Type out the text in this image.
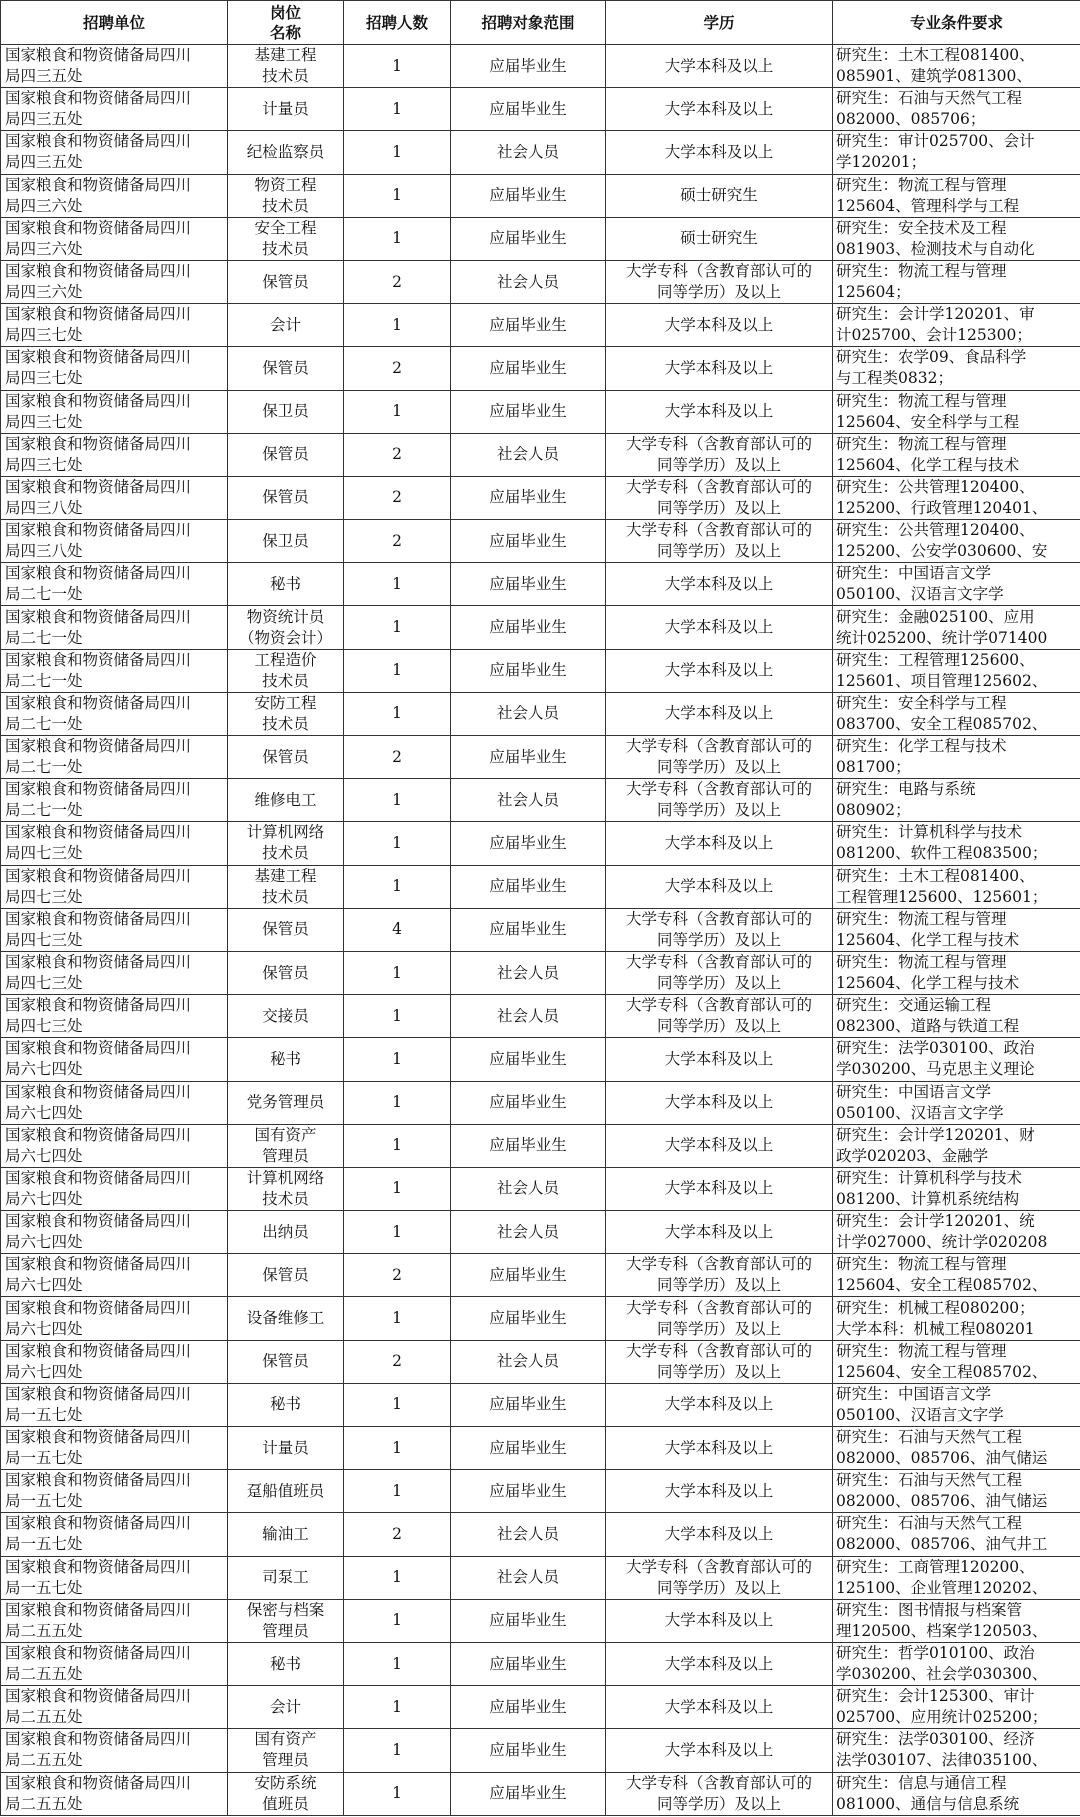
招聘单位	岗位
名称	招聘人数	招聘对象范围	学历	专业条件要求

国家粮食和物资储备局四川
局四三五处	基建工程
技术员	1	应届毕业生	大学本科及以上	研究生：土木工程081400、
085901、建筑学081300、

国家粮食和物资储备局四川
局四三五处	计量员	1	应届毕业生	大学本科及以上	研究生：石油与天然气工程
082000、085706；

国家粮食和物资储备局四川
局四三五处	纪检监察员	1	社会人员	大学本科及以上	研究生：审计025700、会计
学120201；

国家粮食和物资储备局四川
局四三六处	物资工程
技术员	1	应届毕业生	硕士研究生	研究生：物流工程与管理
125604、管理科学与工程

国家粮食和物资储备局四川
局四三六处	安全工程
技术员	1	应届毕业生	硕士研究生	研究生：安全技术及工程
081903、检测技术与自动化

国家粮食和物资储备局四川
局四三六处	保管员	2	社会人员	大学专科（含教育部认可的
同等学历）及以上	研究生：物流工程与管理
125604；

国家粮食和物资储备局四川
局四三七处	会计	1	应届毕业生	大学本科及以上	研究生：会计学120201、审
计025700、会计125300；

国家粮食和物资储备局四川
局四三七处	保管员	2	应届毕业生	大学本科及以上	研究生：农学09、食品科学
与工程类0832；

国家粮食和物资储备局四川
局四三七处	保卫员	1	应届毕业生	大学本科及以上	研究生：物流工程与管理
125604、安全科学与工程

国家粮食和物资储备局四川
局四三七处	保管员	2	社会人员	大学专科（含教育部认可的
同等学历）及以上	研究生：物流工程与管理
125604、化学工程与技术

国家粮食和物资储备局四川
局四三八处	保管员	2	应届毕业生	大学专科（含教育部认可的
同等学历）及以上	研究生：公共管理120400、
125200、行政管理120401、

国家粮食和物资储备局四川
局四三八处	保卫员	2	应届毕业生	大学专科（含教育部认可的
同等学历）及以上	研究生：公共管理120400、
125200、公安学030600、安

国家粮食和物资储备局四川
局二七一处	秘书	1	应届毕业生	大学本科及以上	研究生：中国语言文学
050100、汉语言文字学

国家粮食和物资储备局四川
局二七一处	物资统计员
（物资会计）	1	应届毕业生	大学本科及以上	研究生：金融025100、应用
统计025200、统计学071400

国家粮食和物资储备局四川
局二七一处	工程造价
技术员	1	应届毕业生	大学本科及以上	研究生：工程管理125600、
125601、项目管理125602、

国家粮食和物资储备局四川
局二七一处	安防工程
技术员	1	社会人员	大学本科及以上	研究生：安全科学与工程
083700、安全工程085702、

国家粮食和物资储备局四川
局二七一处	保管员	2	应届毕业生	大学专科（含教育部认可的
同等学历）及以上	研究生：化学工程与技术
081700；

国家粮食和物资储备局四川
局二七一处	维修电工	1	社会人员	大学专科（含教育部认可的
同等学历）及以上	研究生：电路与系统
080902；

国家粮食和物资储备局四川
局四七三处	计算机网络
技术员	1	应届毕业生	大学本科及以上	研究生：计算机科学与技术
081200、软件工程083500；

国家粮食和物资储备局四川
局四七三处	基建工程
技术员	1	应届毕业生	大学本科及以上	研究生：土木工程081400、
工程管理125600、125601；

国家粮食和物资储备局四川
局四七三处	保管员	4	应届毕业生	大学专科（含教育部认可的
同等学历）及以上	研究生：物流工程与管理
125604、化学工程与技术

国家粮食和物资储备局四川
局四七三处	保管员	1	社会人员	大学专科（含教育部认可的
同等学历）及以上	研究生：物流工程与管理
125604、化学工程与技术

国家粮食和物资储备局四川
局四七三处	交接员	1	社会人员	大学专科（含教育部认可的
同等学历）及以上	研究生：交通运输工程
082300、道路与铁道工程

国家粮食和物资储备局四川
局六七四处	秘书	1	应届毕业生	大学本科及以上	研究生：法学030100、政治
学030200、马克思主义理论

国家粮食和物资储备局四川
局六七四处	党务管理员	1	应届毕业生	大学本科及以上	研究生：中国语言文学
050100、汉语言文字学

国家粮食和物资储备局四川
局六七四处	国有资产
管理员	1	应届毕业生	大学本科及以上	研究生：会计学120201、财
政学020203、金融学

国家粮食和物资储备局四川
局六七四处	计算机网络
技术员	1	社会人员	大学本科及以上	研究生：计算机科学与技术
081200、计算机系统结构

国家粮食和物资储备局四川
局六七四处	出纳员	1	社会人员	大学本科及以上	研究生：会计学120201、统
计学027000、统计学020208

国家粮食和物资储备局四川
局六七四处	保管员	2	应届毕业生	大学专科（含教育部认可的
同等学历）及以上	研究生：物流工程与管理
125604、安全工程085702、

国家粮食和物资储备局四川
局六七四处	设备维修工	1	应届毕业生	大学专科（含教育部认可的
同等学历）及以上	研究生：机械工程080200；
大学本科：机械工程080201

国家粮食和物资储备局四川
局六七四处	保管员	2	社会人员	大学专科（含教育部认可的
同等学历）及以上	研究生：物流工程与管理
125604、安全工程085702、

国家粮食和物资储备局四川
局一五七处	秘书	1	应届毕业生	大学本科及以上	研究生：中国语言文学
050100、汉语言文字学

国家粮食和物资储备局四川
局一五七处	计量员	1	应届毕业生	大学本科及以上	研究生：石油与天然气工程
082000、085706、油气储运

国家粮食和物资储备局四川
局一五七处	趸船值班员	1	应届毕业生	大学本科及以上	研究生：石油与天然气工程
082000、085706、油气储运

国家粮食和物资储备局四川
局一五七处	输油工	2	社会人员	大学本科及以上	研究生：石油与天然气工程
082000、085706、油气井工

国家粮食和物资储备局四川
局一五七处	司泵工	1	社会人员	大学专科（含教育部认可的
同等学历）及以上	研究生：工商管理120200、
125100、企业管理120202、

国家粮食和物资储备局四川
局二五五处	保密与档案
管理员	1	应届毕业生	大学本科及以上	研究生：图书情报与档案管
理120500、档案学120503、

国家粮食和物资储备局四川
局二五五处	秘书	1	应届毕业生	大学本科及以上	研究生：哲学010100、政治
学030200、社会学030300、

国家粮食和物资储备局四川
局二五五处	会计	1	应届毕业生	大学本科及以上	研究生：会计125300、审计
025700、应用统计025200；

国家粮食和物资储备局四川
局二五五处	国有资产
管理员	1	应届毕业生	大学本科及以上	研究生：法学030100、经济
法学030107、法律035100、

国家粮食和物资储备局四川
局二五五处	安防系统
值班员	1	应届毕业生	大学专科（含教育部认可的
同等学历）及以上	研究生：信息与通信工程
081000、通信与信息系统
